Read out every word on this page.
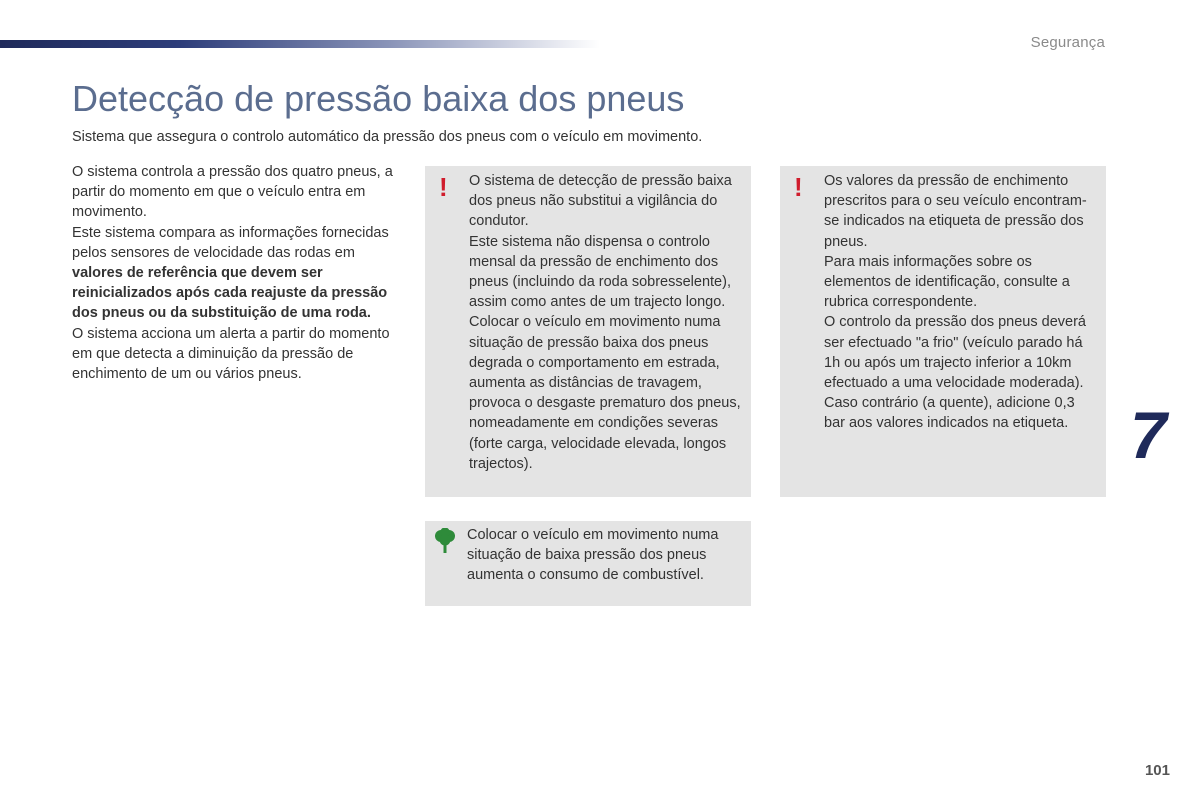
Segurança
Detecção de pressão baixa dos pneus

Sistema que assegura o controlo automático da pressão dos pneus com o veículo em movimento.

O sistema controla a pressão dos quatro pneus, a partir do momento em que o veículo entra em movimento.

Este sistema compara as informações fornecidas pelos sensores de velocidade das rodas em valores de referência que devem ser reinicializados após cada reajuste da pressão dos pneus ou da substituição de uma roda.

O sistema acciona um alerta a partir do momento em que detecta a diminuição da pressão de enchimento de um ou vários pneus.

! O sistema de detecção de pressão baixa dos pneus não substitui a vigilância do condutor.

Este sistema não dispensa o controlo mensal da pressão de enchimento dos pneus (incluindo da roda sobresselente), assim como antes de um trajecto longo.

Colocar o veículo em movimento numa situação de pressão baixa dos pneus degrada o comportamento em estrada, aumenta as distâncias de travagem, provoca o desgaste prematuro dos pneus, nomeadamente em condições severas (forte carga, velocidade elevada, longos trajectos).

! Os valores da pressão de enchimento prescritos para o seu veículo encontram-se indicados na etiqueta de pressão dos pneus.

Para mais informações sobre os elementos de identificação, consulte a rubrica correspondente.

O controlo da pressão dos pneus deverá ser efectuado "a frio" (veículo parado há 1h ou após um trajecto inferior a 10km efectuado a uma velocidade moderada).

Caso contrário (a quente), adicione 0,3 bar aos valores indicados na etiqueta.

Colocar o veículo em movimento numa situação de baixa pressão dos pneus aumenta o consumo de combustível.

7
101
